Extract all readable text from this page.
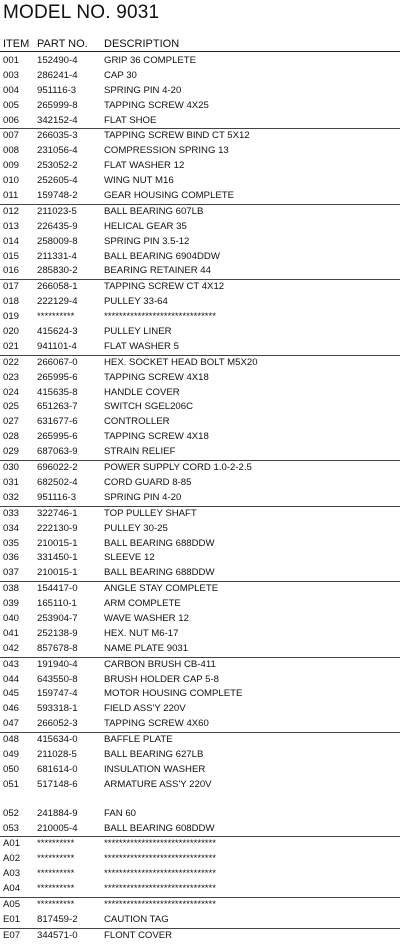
MODEL NO. 9031
ITEM PART NO. DESCRIPTION
001 152490-4	GRIP 36 COMPLETE
003 286241-4	CAP 30
004 951116-3	SPRING PIN 4-20
005 265999-8	TAPPING SCREW 4X25
006 342152-4	FLAT SHOE
007 266035-3	TAPPING SCREW BIND CT 5X12
008 231056-4	COMPRESSION SPRING 13
009 253052-2	FLAT WASHER 12
010 252605-4	WING NUT M16
011 159748-2	GEAR HOUSING COMPLETE
012 211023-5	BALL BEARING 607LB
013 226435-9	HELICAL GEAR 35
014 258009-8	SPRING PIN 3.5-12
015 211331-4	BALL BEARING 6904DDW
016 285830-2	BEARING RETAINER 44
017 266058-1	TAPPING SCREW CT 4X12
018 222129-4	PULLEY 33-64
019 **********	******************************
020 415624-3	PULLEY LINER
021 941101-4	FLAT WASHER 5
022 266067-0	HEX. SOCKET HEAD BOLT M5X20
023 265995-6	TAPPING SCREW 4X18
024 415635-8	HANDLE COVER
025 651263-7	SWITCH SGEL206C
027 631677-6	CONTROLLER
028 265995-6	TAPPING SCREW 4X18
029 687063-9	STRAIN RELIEF
030 696022-2	POWER SUPPLY CORD 1.0-2-2.5
031 682502-4	CORD GUARD 8-85
032 951116-3	SPRING PIN 4-20
033 322746-1	TOP PULLEY SHAFT
034 222130-9	PULLEY 30-25
035 210015-1	BALL BEARING 688DDW
036 331450-1	SLEEVE 12
037 210015-1	BALL BEARING 688DDW
038 154417-0	ANGLE STAY COMPLETE
039 165110-1	ARM COMPLETE
040 253904-7	WAVE WASHER 12
041 252138-9	HEX. NUT M6-17
042 857678-8	NAME PLATE 9031
043 191940-4	CARBON BRUSH CB-411
044 643550-8	BRUSH HOLDER CAP 5-8
045 159747-4	MOTOR HOUSING COMPLETE
046 593318-1	FIELD ASS'Y 220V
047 266052-3	TAPPING SCREW 4X60
048 415634-0	BAFFLE PLATE
049 211028-5	BALL BEARING 627LB
050 681614-0	INSULATION WASHER
051 517148-6	ARMATURE ASS'Y 220V
052 241884-9	FAN 60
053 210005-4	BALL BEARING 608DDW
A01 **********	******************************
A02 **********	******************************
A03 **********	******************************
A04 **********	******************************
A05 **********	******************************
E01 817459-2	CAUTION TAG
E07 344571-0	FLONT COVER
